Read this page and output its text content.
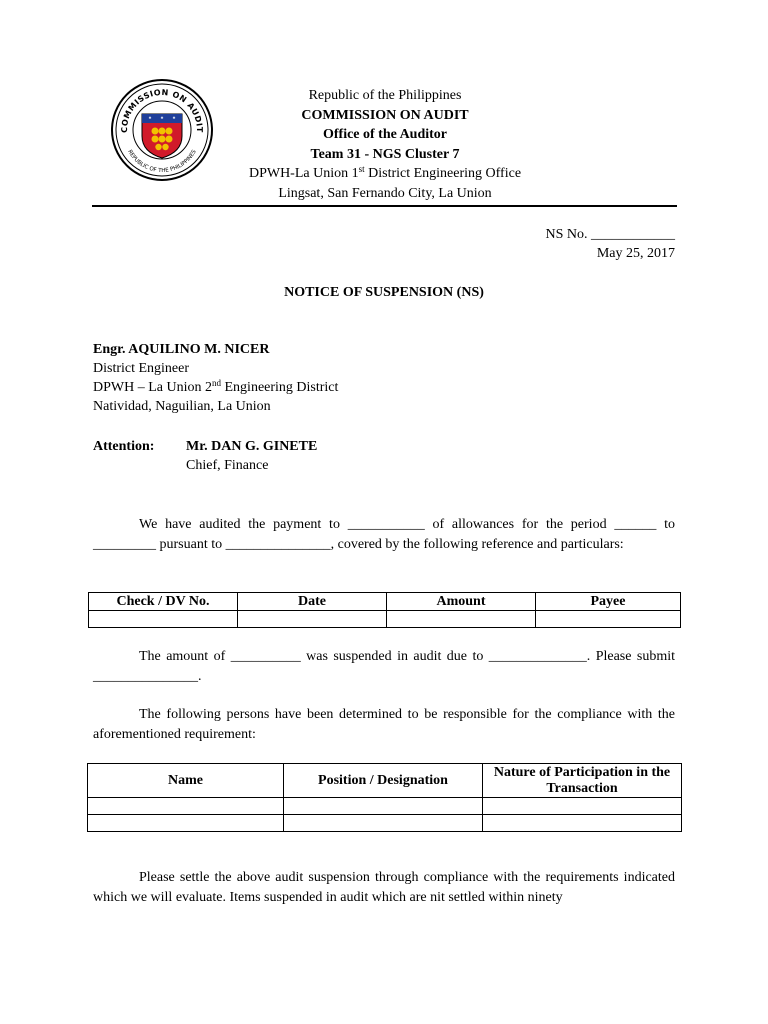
COMMISSION ON AUDIT
REPUBLIC OF THE PHILIPPINES
Republic of the Philippines
COMMISSION ON AUDIT
Office of the Auditor
Team 31 - NGS Cluster 7
DPWH-La Union 1st District Engineering Office
Lingsat, San Fernando City, La Union
NS No. ____________
May 25, 2017
NOTICE OF SUSPENSION (NS)
Engr. AQUILINO M. NICER
District Engineer
DPWH – La Union 2nd Engineering District
Natividad, Naguilian, La Union
Attention: Mr. DAN G. GINETE
Chief, Finance
We have audited the payment to ___________ of allowances for the period ______ to _________ pursuant to _______________, covered by the following reference and particulars:
Check / DV No.	Date	Amount	Payee

The amount of __________ was suspended in audit due to ______________. Please submit _______________.
The following persons have been determined to be responsible for the compliance with the aforementioned requirement:
Name	Position / Designation	Nature of Participation in the Transaction

Please settle the above audit suspension through compliance with the requirements indicated which we will evaluate. Items suspended in audit which are nit settled within ninety
